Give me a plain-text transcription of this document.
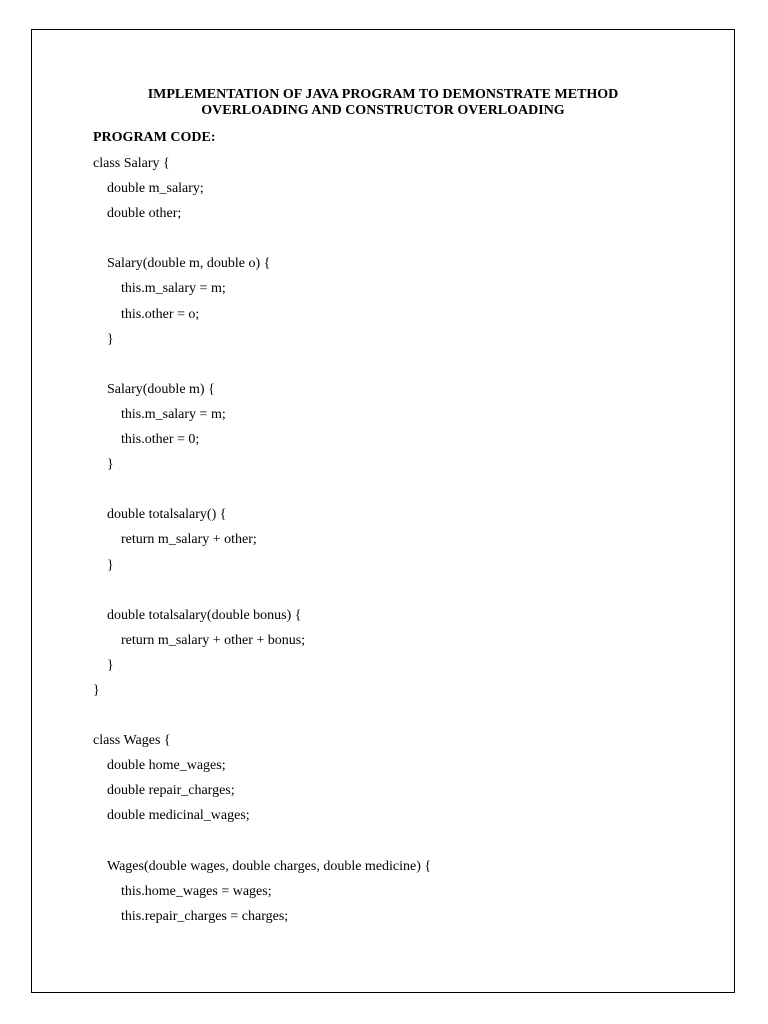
IMPLEMENTATION OF JAVA PROGRAM TO DEMONSTRATE METHOD
OVERLOADING AND CONSTRUCTOR OVERLOADING
PROGRAM CODE:
class Salary {
double m_salary;
double other;
Salary(double m, double o) {
this.m_salary = m;
this.other = o;
}
Salary(double m) {
this.m_salary = m;
this.other = 0;
}
double totalsalary() {
return m_salary + other;
}
double totalsalary(double bonus) {
return m_salary + other + bonus;
}
}
class Wages {
double home_wages;
double repair_charges;
double medicinal_wages;
Wages(double wages, double charges, double medicine) {
this.home_wages = wages;
this.repair_charges = charges;
